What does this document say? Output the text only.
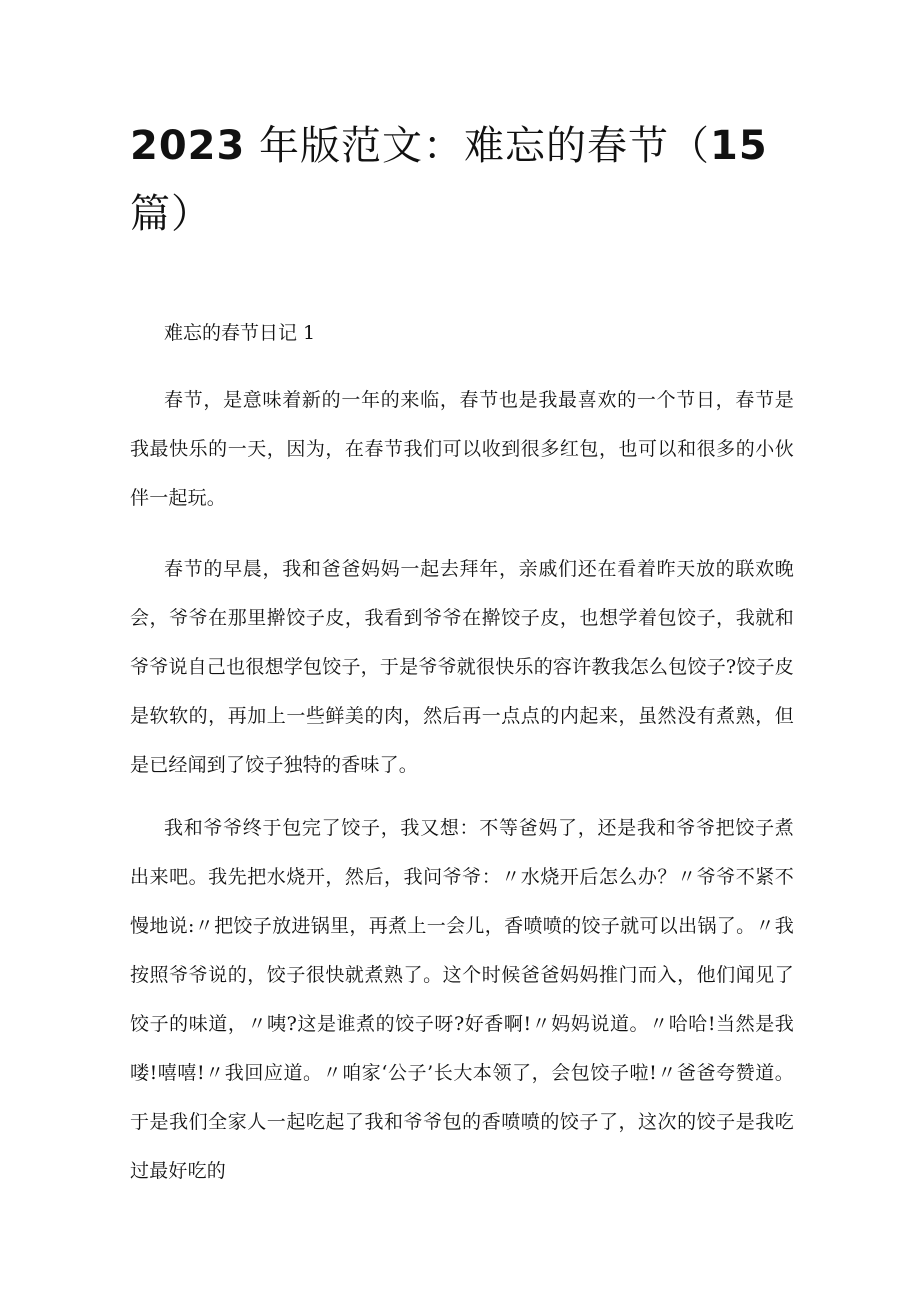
2023 年版范文：难忘的春节（15 篇）

难忘的春节日记 1

春节，是意味着新的一年的来临，春节也是我最喜欢的一个节日，春节是我最快乐的一天，因为，在春节我们可以收到很多红包，也可以和很多的小伙伴一起玩。

春节的早晨，我和爸爸妈妈一起去拜年，亲戚们还在看着昨天放的联欢晚会，爷爷在那里擀饺子皮，我看到爷爷在擀饺子皮，也想学着包饺子，我就和爷爷说自己也很想学包饺子，于是爷爷就很快乐的容许教我怎么包饺子?饺子皮是软软的，再加上一些鲜美的肉，然后再一点点的内起来，虽然没有煮熟，但是已经闻到了饺子独特的香味了。

我和爷爷终于包完了饺子，我又想：不等爸妈了，还是我和爷爷把饺子煮出来吧。我先把水烧开，然后，我问爷爷：〃水烧开后怎么办？〃爷爷不紧不慢地说:〃把饺子放进锅里，再煮上一会儿，香喷喷的饺子就可以出锅了。〃我按照爷爷说的，饺子很快就煮熟了。这个时候爸爸妈妈推门而入，他们闻见了饺子的味道，〃咦?这是谁煮的饺子呀?好香啊!〃妈妈说道。〃哈哈!当然是我喽!嘻嘻!〃我回应道。〃咱家‘公子’长大本领了，会包饺子啦!〃爸爸夸赞道。于是我们全家人一起吃起了我和爷爷包的香喷喷的饺子了，这次的饺子是我吃过最好吃的
